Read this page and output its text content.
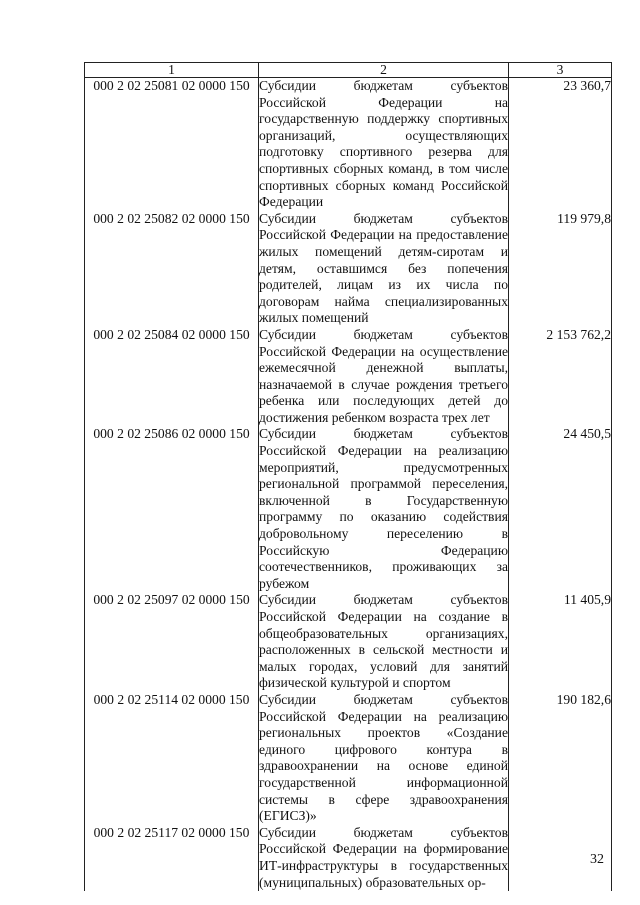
1	2	3
000 2 02 25081 02 0000 150	Субсидии бюджетам субъектов Российской Федерации на государственную поддержку спортивных организаций, осуществляющих подготовку спортивного резерва для спортивных сборных команд, в том числе спортивных сборных команд Российской Федерации	23 360,7
000 2 02 25082 02 0000 150	Субсидии бюджетам субъектов Российской Федерации на предоставление жилых помещений детям-сиротам и детям, оставшимся без попечения родителей, лицам из их числа по договорам найма специализированных жилых помещений	119 979,8
000 2 02 25084 02 0000 150	Субсидии бюджетам субъектов Российской Федерации на осуществление ежемесячной денежной выплаты, назначаемой в случае рождения третьего ребенка или последующих детей до достижения ребенком возраста трех лет	2 153 762,2
000 2 02 25086 02 0000 150	Субсидии бюджетам субъектов Российской Федерации на реализацию мероприятий, предусмотренных региональной программой переселения, включенной в Государственную программу по оказанию содействия добровольному переселению в Российскую Федерацию соотечественников, проживающих за рубежом	24 450,5
000 2 02 25097 02 0000 150	Субсидии бюджетам субъектов Российской Федерации на создание в общеобразовательных организациях, расположенных в сельской местности и малых городах, условий для занятий физической культурой и спортом	11 405,9
000 2 02 25114 02 0000 150	Субсидии бюджетам субъектов Российской Федерации на реализацию региональных проектов «Создание единого цифрового контура в здравоохранении на основе единой государственной информационной системы в сфере здравоохранения (ЕГИСЗ)»	190 182,6
000 2 02 25117 02 0000 150	Субсидии бюджетам субъектов Российской Федерации на формирование ИТ-инфраструктуры в государственных (муниципальных) образовательных ор-	
32
